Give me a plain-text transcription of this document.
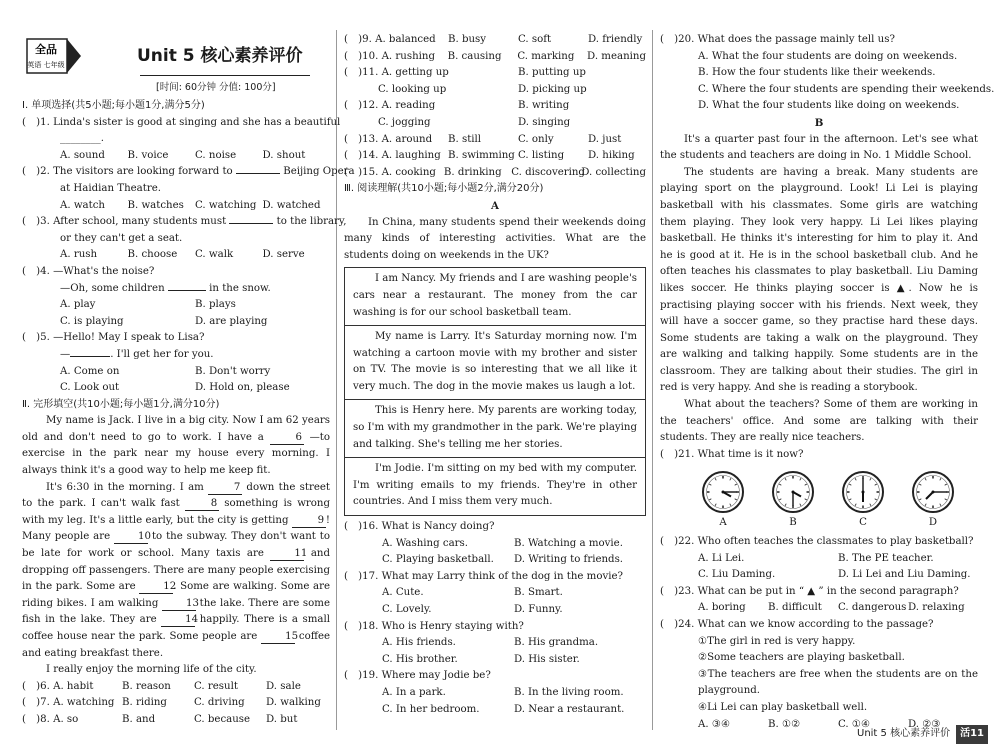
全品
英语 七年级	Unit 5 核心素养评价
[时间: 60分钟 分值: 100分]
Ⅰ. 单项选择(共5小题;每小题1分,满分5分)
(　)1. Linda's sister is good at singing and she has a beautiful
________.
A. sound	B. voice	C. noise	D. shout
(　)2. The visitors are looking forward to	Beijing Opera
at Haidian Theatre.
A. watch	B. watches	C. watching D. watched
(　)3. After school, many students must	to the library,
or they can't get a seat.
A. rush	B. choose	C. walk	D. serve
(　)4. —What's the noise?
—Oh, some children	in the snow.
A. play	B. plays
C. is playing	D. are playing
(　)5. —Hello! May I speak to Lisa?
—	. I'll get her for you.
A. Come on	B. Don't worry
C. Look out	D. Hold on, please
Ⅱ. 完形填空(共10小题;每小题1分,满分10分)
My name is Jack. I live in a big city. Now I am 62 years old and don't need to go to work. I have a	6 —to exercise in the park near my house every morning. I always think it's a good way to help me keep fit.
It's 6:30 in the morning. I am	7 down the street to the park. I can't walk fast	8 something is wrong with my leg. It's a little early, but the city is getting	9 ! Many people are 10 to the subway. They don't want to be late for work or school. Many taxis are 11 and dropping off passengers. There are many people exercising in the park. Some are 12. Some are walking. Some are riding bikes. I am walking 13 the lake. There are some fish in the lake. They are 14 happily. There is a small coffee house near the park. Some people are 15 coffee and eating breakfast there.
I really enjoy the morning life of the city.
(　)6. A. habit	B. reason	C. result	D. sale
(　)7. A. watching B. riding	C. driving	D. walking
(　)8. A. so	B. and	C. because	D. but
(　)9. A. balanced	B. busy	C. soft	D. friendly
(　)10. A. rushing	B. causing	C. marking	D. meaning
(　)11. A. getting up	B. putting up
C. looking up	D. picking up
(　)12. A. reading	B. writing
C. jogging	D. singing
(　)13. A. around	B. still	C. only	D. just
(　)14. A. laughing B. swimming C. listing	D. hiking
(　)15. A. cooking B. drinking C. discovering
D. collecting
Ⅲ. 阅读理解(共10小题;每小题2分,满分20分)
A
In China, many students spend their weekends doing many kinds of interesting activities. What are the students doing on weekends in the UK?
I am Nancy. My friends and I are washing people's cars near a restaurant. The money from the car washing is for our school basketball team.
My name is Larry. It's Saturday morning now. I'm watching a cartoon movie with my brother and sister on TV. The movie is so interesting that we all like it very much. The dog in the movie makes us laugh a lot.
This is Henry here. My parents are working today, so I'm with my grandmother in the park. We're playing and talking. She's telling me her stories.
I'm Jodie. I'm sitting on my bed with my computer. I'm writing emails to my friends. They're in other countries. And I miss them very much.
(　)16. What is Nancy doing?
A. Washing cars.	B. Watching a movie.
C. Playing basketball.	D. Writing to friends.
(　)17. What may Larry think of the dog in the movie?
A. Cute.	B. Smart.
C. Lovely.	D. Funny.
(　)18. Who is Henry staying with?
A. His friends.	B. His grandma.
C. His brother.	D. His sister.
(　)19. Where may Jodie be?
A. In a park.	B. In the living room.
C. In her bedroom.	D. Near a restaurant.
(　)20. What does the passage mainly tell us?
A. What the four students are doing on weekends.
B. How the four students like their weekends.
C. Where the four students are spending their weekends.
D. What the four students like doing on weekends.
B
It's a quarter past four in the afternoon. Let's see what the students and teachers are doing in No. 1 Middle School.
The students are having a break. Many students are playing sport on the playground. Look! Li Lei is playing basketball with his classmates. Some girls are watching them playing. They look very happy. Li Lei likes playing basketball. He thinks it's interesting for him to play it. And he is good at it. He is in the school basketball club. And he often teaches his classmates to play basketball. Liu Daming likes soccer. He thinks playing soccer is ▲. Now he is practising playing soccer with his friends. Next week, they will have a soccer game, so they practise hard these days. Some students are taking a walk on the playground. They are walking and talking happily. Some students are in the classroom. They are talking about their studies. The girl in red is very happy. And she is reading a storybook.
What about the teachers? Some of them are working in the teachers' office. And some are talking with their students. They are really nice teachers.
(　)21. What time is it now?
A	B	C	D
(　)22. Who often teaches the classmates to play basketball?
A. Li Lei.	B. The PE teacher.
C. Liu Daming.	D. Li Lei and Liu Daming.
(　)23. What can be put in “ ▲ ” in the second paragraph?
A. boring	B. difficult	C. dangerous D. relaxing
(　)24. What can we know according to the passage?
①The girl in red is very happy.
②Some teachers are playing basketball.
③The teachers are free when the students are on the playground.
④Li Lei can play basketball well.
A. ③④	B. ①②	C. ①④	D. ②③
Unit 5 核心素养评价	活11
